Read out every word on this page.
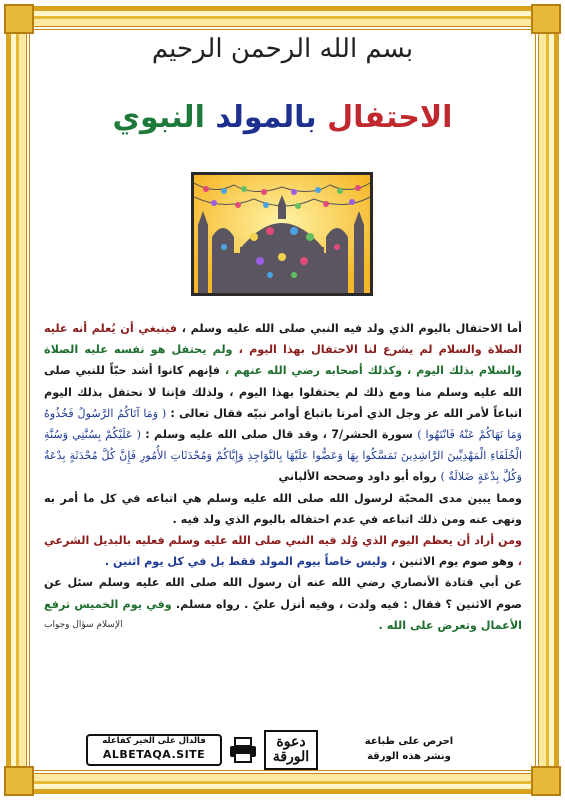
بسم الله الرحمن الرحيم
الاحتفال بالمولد النبوي

أما الاحتفال باليوم الذي ولد فيه النبي صلى الله عليه وسلم ، فينبغي أن يُعلم أنه عليه الصلاة والسلام لم يشرع لنا الاحتفال بهذا اليوم ، ولم يحتفل هو نفسه عليه الصلاة والسلام بذلك اليوم ، وكذلك أصحابه رضي الله عنهم ، فإنهم كانوا أشد حبّاً للنبي صلى الله عليه وسلم منا ومع ذلك لم يحتفلوا بهذا اليوم ، ولذلك فإننا لا نحتفل بذلك اليوم اتباعاً لأمر الله عز وجل الذي أمرنا باتباع أوامر نبيّه فقال تعالى : ( وَمَا آتَاكُمُ الرَّسُولُ فَخُذُوهُ وَمَا نَهَاكُمْ عَنْهُ فَانْتَهُوا ) سورة الحشر/7 ، وقد قال صلى الله عليه وسلم : ( عَلَيْكُمْ بِسُنَّتِي وَسُنَّةِ الْخُلَفَاءِ الْمَهْدِيِّينَ الرَّاشِدِينَ تَمَسَّكُوا بِهَا وَعَضُّوا عَلَيْهَا بِالنَّوَاجِذِ وَإِيَّاكُمْ وَمُحْدَثَاتِ الأُمُورِ فَإِنَّ كُلَّ مُحْدَثَةٍ بِدْعَةٌ وَكُلَّ بِدْعَةٍ ضَلالَةٌ ) رواه أبو داود وصححه الألباني

ومما يبين مدى المحبّة لرسول الله صلى الله عليه وسلم هي اتباعه في كل ما أمر به ونهى عنه ومن ذلك اتباعه في عدم احتفاله باليوم الذي ولد فيه .

ومن أراد أن يعظم اليوم الذي وُلد فيه النبي صلى الله عليه وسلم فعليه بالبديل الشرعي ، وهو صوم يوم الاثنين ، وليس خاصاً بيوم المولد فقط بل في كل يوم اثنين .

عن أبي قتادة الأنصاري رضي الله عنه أن رسول الله صلى الله عليه وسلم سئل عن صوم الاثنين ؟ فقال : فيه ولدت ، وفيه أنزل عليّ . رواه مسلم. وفي يوم الخميس ترفع الأعمال وتعرض على الله .
الإسلام سؤال وجواب

فالدال على الخير كفاعله
ALBETAQA.SITE
دعوة الورقة
احرص على طباعة
ونشر هذه الورقة
